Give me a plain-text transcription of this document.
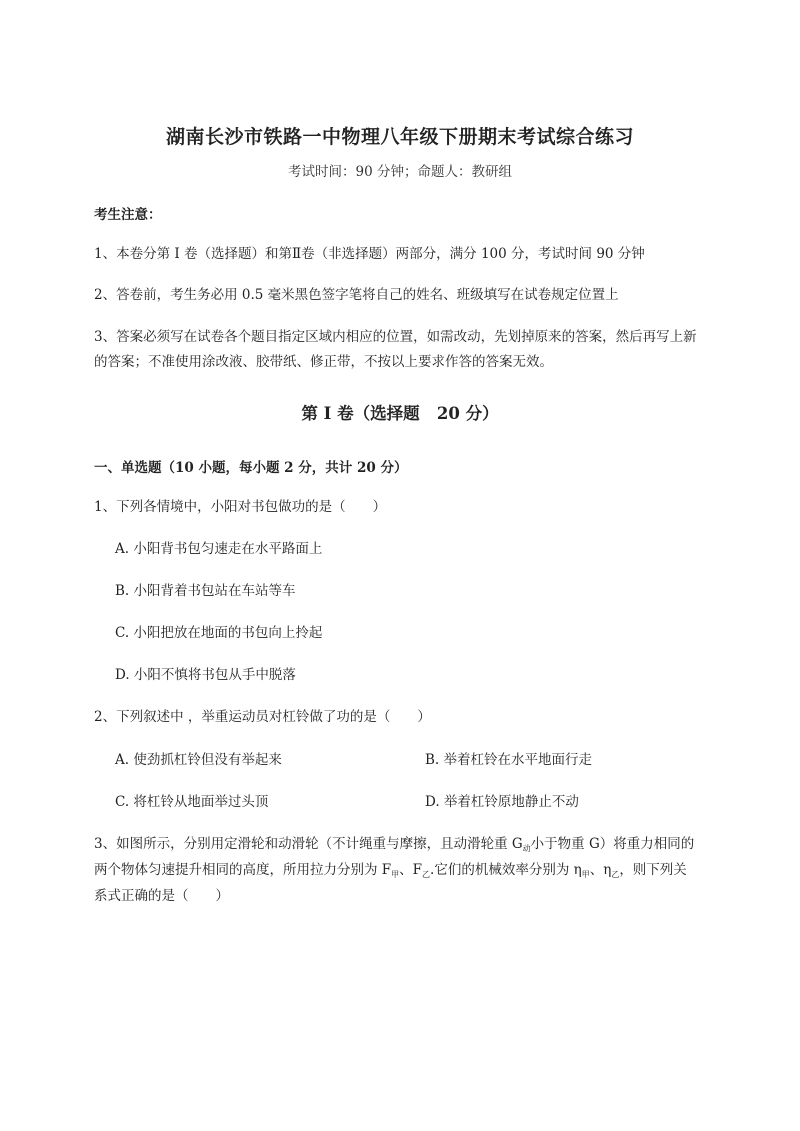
湖南长沙市铁路一中物理八年级下册期末考试综合练习
考试时间：90 分钟；命题人：教研组
考生注意：
1、本卷分第 I 卷（选择题）和第Ⅱ卷（非选择题）两部分，满分 100 分，考试时间 90 分钟
2、答卷前，考生务必用 0.5 毫米黑色签字笔将自己的姓名、班级填写在试卷规定位置上
3、答案必须写在试卷各个题目指定区域内相应的位置，如需改动，先划掉原来的答案，然后再写上新
的答案；不准使用涂改液、胶带纸、修正带，不按以上要求作答的答案无效。
第 I 卷（选择题   20 分）
一、单选题（10 小题，每小题 2 分，共计 20 分）
1、下列各情境中，小阳对书包做功的是（　　）
A. 小阳背书包匀速走在水平路面上
B. 小阳背着书包站在车站等车
C. 小阳把放在地面的书包向上拎起
D. 小阳不慎将书包从手中脱落
2、下列叙述中 ，举重运动员对杠铃做了功的是（　　）
A. 使劲抓杠铃但没有举起来	B. 举着杠铃在水平地面行走
C. 将杠铃从地面举过头顶	D. 举着杠铃原地静止不动
3、如图所示，分别用定滑轮和动滑轮（不计绳重与摩擦，且动滑轮重 $G_动$小于物重 G）将重力相同的
两个物体匀速提升相同的高度，所用拉力分别为 $F_甲$、$F_乙$.它们的机械效率分别为 $\eta_甲$、$\eta_乙$，则下列关
系式正确的是（　　）
